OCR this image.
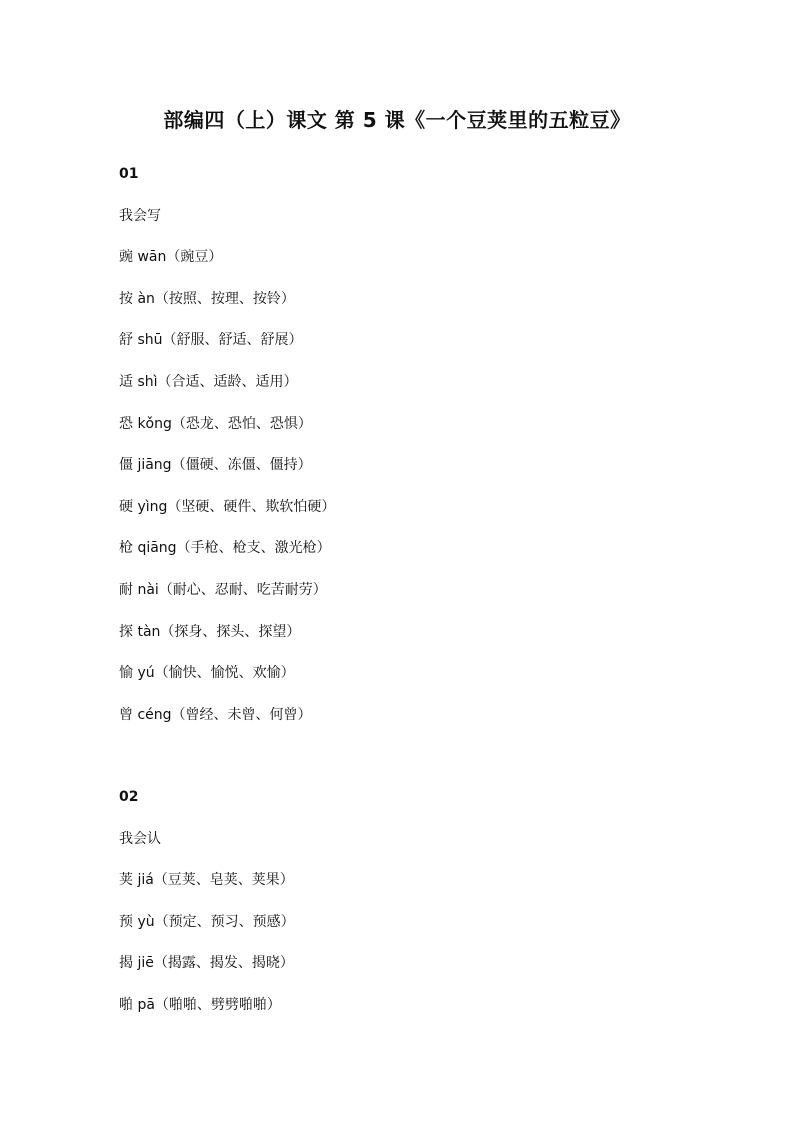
部编四（上）课文 第 5 课《一个豆荚里的五粒豆》
01
我会写
豌 wān（豌豆）
按 àn（按照、按理、按铃）
舒 shū（舒服、舒适、舒展）
适 shì（合适、适龄、适用）
恐 kǒng（恐龙、恐怕、恐惧）
僵 jiāng（僵硬、冻僵、僵持）
硬 yìng（坚硬、硬件、欺软怕硬）
枪 qiāng（手枪、枪支、激光枪）
耐 nài（耐心、忍耐、吃苦耐劳）
探 tàn（探身、探头、探望）
愉 yú（愉快、愉悦、欢愉）
曾 céng（曾经、未曾、何曾）
02
我会认
荚 jiá（豆荚、皂荚、荚果）
预 yù（预定、预习、预感）
揭 jiē（揭露、揭发、揭晓）
啪 pā（啪啪、劈劈啪啪）
